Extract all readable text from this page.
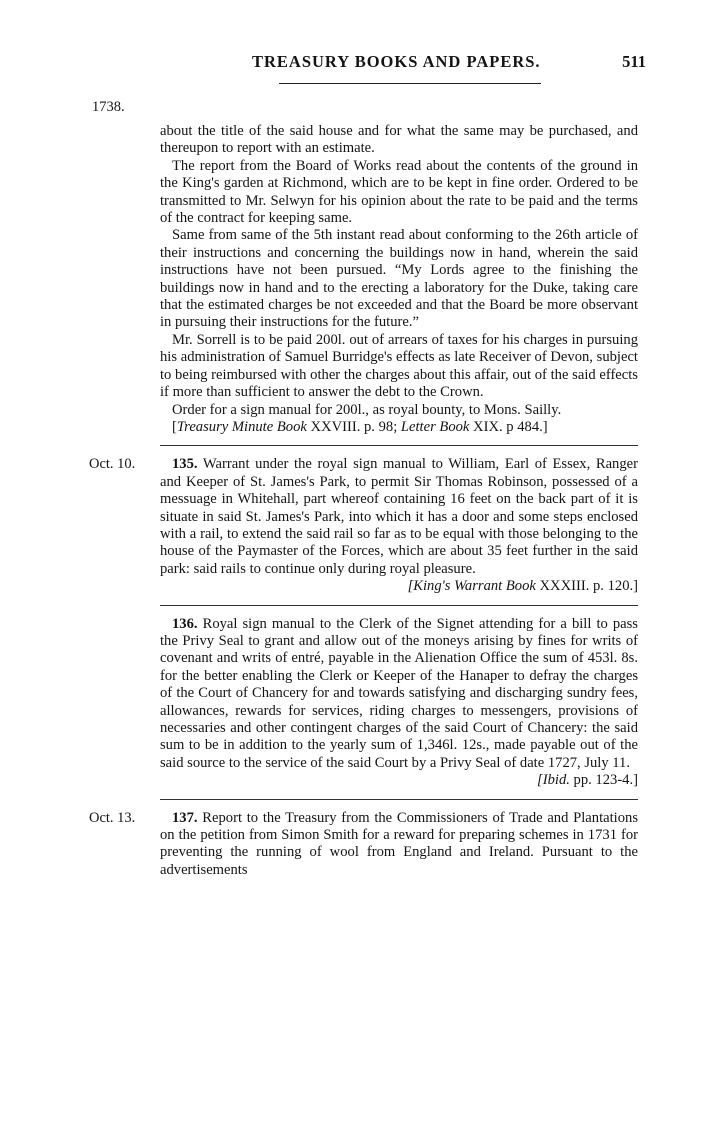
TREASURY BOOKS AND PAPERS.	511
1738.

about the title of the said house and for what the same may be purchased, and thereupon to report with an estimate.

The report from the Board of Works read about the contents of the ground in the King's garden at Richmond, which are to be kept in fine order. Ordered to be transmitted to Mr. Selwyn for his opinion about the rate to be paid and the terms of the contract for keeping same.

Same from same of the 5th instant read about conforming to the 26th article of their instructions and concerning the buildings now in hand, wherein the said instructions have not been pursued. “My Lords agree to the finishing the buildings now in hand and to the erecting a laboratory for the Duke, taking care that the estimated charges be not exceeded and that the Board be more observant in pursuing their instructions for the future.”

Mr. Sorrell is to be paid 200l. out of arrears of taxes for his charges in pursuing his administration of Samuel Burridge's effects as late Receiver of Devon, subject to being reimbursed with other the charges about this affair, out of the said effects if more than sufficient to answer the debt to the Crown.

Order for a sign manual for 200l., as royal bounty, to Mons. Sailly.

[Treasury Minute Book XXVIII. p. 98; Letter Book XIX. p 484.]

Oct. 10.	135. Warrant under the royal sign manual to William, Earl of Essex, Ranger and Keeper of St. James's Park, to permit Sir Thomas Robinson, possessed of a messuage in Whitehall, part whereof containing 16 feet on the back part of it is situate in said St. James's Park, into which it has a door and some steps enclosed with a rail, to extend the said rail so far as to be equal with those belonging to the house of the Paymaster of the Forces, which are about 35 feet further in the said park: said rails to continue only during royal pleasure.

[King's Warrant Book XXXIII. p. 120.]

136. Royal sign manual to the Clerk of the Signet attending for a bill to pass the Privy Seal to grant and allow out of the moneys arising by fines for writs of covenant and writs of entré, payable in the Alienation Office the sum of 453l. 8s. for the better enabling the Clerk or Keeper of the Hanaper to defray the charges of the Court of Chancery for and towards satisfying and discharging sundry fees, allowances, rewards for services, riding charges to messengers, provisions of necessaries and other contingent charges of the said Court of Chancery: the said sum to be in addition to the yearly sum of 1,346l. 12s., made payable out of the said source to the service of the said Court by a Privy Seal of date 1727, July 11.

[Ibid. pp. 123-4.]

Oct. 13.	137. Report to the Treasury from the Commissioners of Trade and Plantations on the petition from Simon Smith for a reward for preparing schemes in 1731 for preventing the running of wool from England and Ireland. Pursuant to the advertisements
